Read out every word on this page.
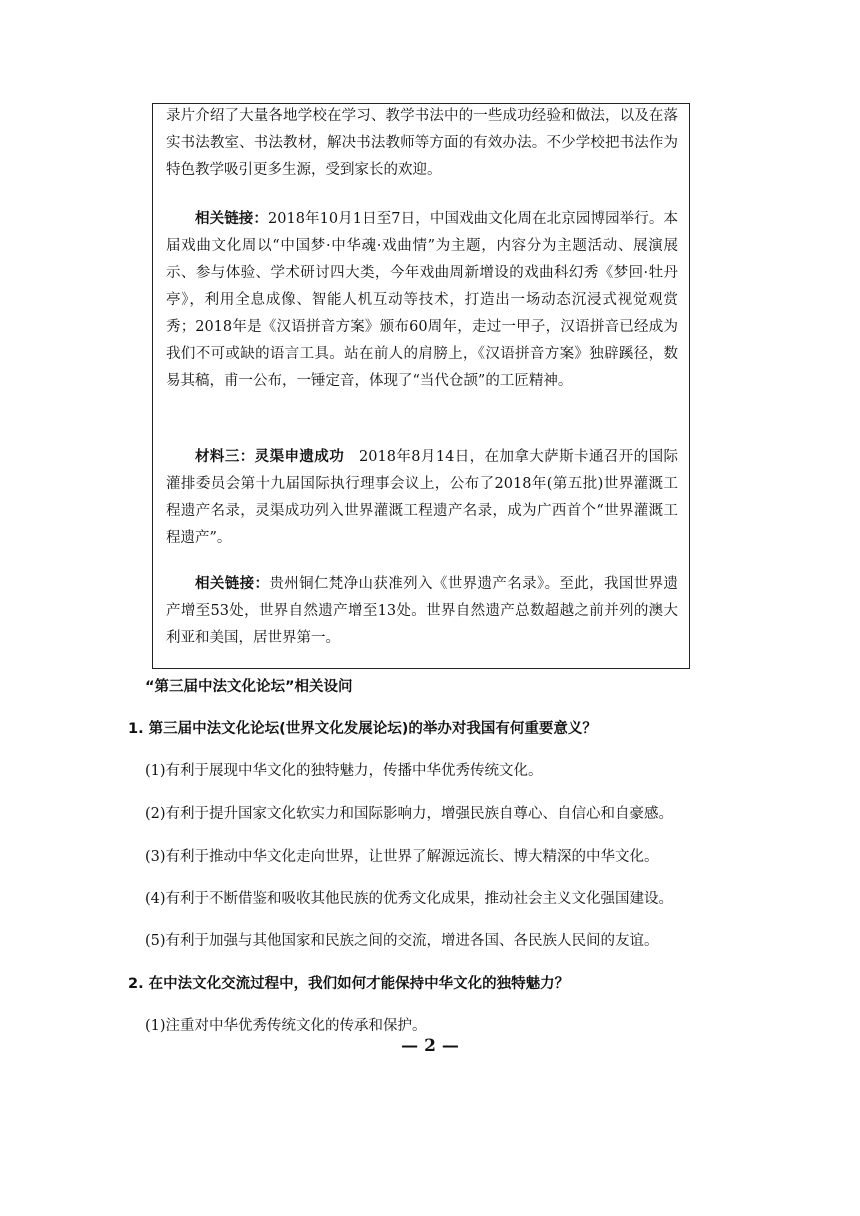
录片介绍了大量各地学校在学习、教学书法中的一些成功经验和做法，以及在落实书法教室、书法教材，解决书法教师等方面的有效办法。不少学校把书法作为特色教学吸引更多生源，受到家长的欢迎。

相关链接：2018年10月1日至7日，中国戏曲文化周在北京园博园举行。本届戏曲文化周以“中国梦·中华魂·戏曲情”为主题，内容分为主题活动、展演展示、参与体验、学术研讨四大类，今年戏曲周新增设的戏曲科幻秀《梦回·牡丹亭》，利用全息成像、智能人机互动等技术，打造出一场动态沉浸式视觉观赏秀；2018年是《汉语拼音方案》颁布60周年，走过一甲子，汉语拼音已经成为我们不可或缺的语言工具。站在前人的肩膀上，《汉语拼音方案》独辟蹊径，数易其稿，甫一公布，一锤定音，体现了“当代仓颉”的工匠精神。

材料三：灵渠申遗成功　2018年8月14日，在加拿大萨斯卡通召开的国际灌排委员会第十九届国际执行理事会议上，公布了2018年(第五批)世界灌溉工程遗产名录，灵渠成功列入世界灌溉工程遗产名录，成为广西首个“世界灌溉工程遗产”。

相关链接：贵州铜仁梵净山获准列入《世界遗产名录》。至此，我国世界遗产增至53处，世界自然遗产增至13处。世界自然遗产总数超越之前并列的澳大利亚和美国，居世界第一。

“第三届中法文化论坛”相关设问

1. 第三届中法文化论坛(世界文化发展论坛)的举办对我国有何重要意义？

(1)有利于展现中华文化的独特魅力，传播中华优秀传统文化。

(2)有利于提升国家文化软实力和国际影响力，增强民族自尊心、自信心和自豪感。

(3)有利于推动中华文化走向世界，让世界了解源远流长、博大精深的中华文化。

(4)有利于不断借鉴和吸收其他民族的优秀文化成果，推动社会主义文化强国建设。

(5)有利于加强与其他国家和民族之间的交流，增进各国、各民族人民间的友谊。

2. 在中法文化交流过程中，我们如何才能保持中华文化的独特魅力？

(1)注重对中华优秀传统文化的传承和保护。

— 2 —
